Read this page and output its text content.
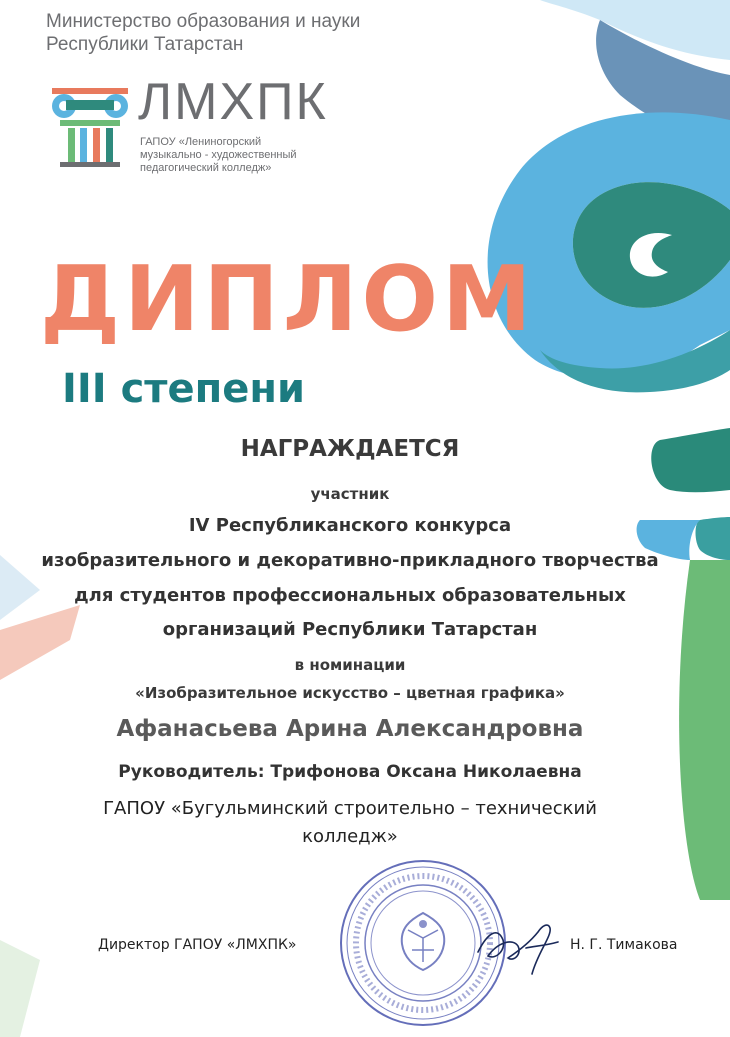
Министерство образования и науки
Республики Татарстан
ЛМХПК
ГАПОУ «Лениногорский
музыкально - художественный
педагогический колледж»
ДИПЛОМ
III степени
НАГРАЖДАЕТСЯ
участник
IV Республиканского конкурса
изобразительного и декоративно-прикладного творчества
для студентов профессиональных образовательных
организаций Республики Татарстан
в номинации
«Изобразительное искусство – цветная графика»
Афанасьева Арина Александровна
Руководитель: Трифонова Оксана Николаевна
ГАПОУ «Бугульминский строительно – технический
колледж»
Директор ГАПОУ «ЛМХПК»	Н. Г. Тимакова
